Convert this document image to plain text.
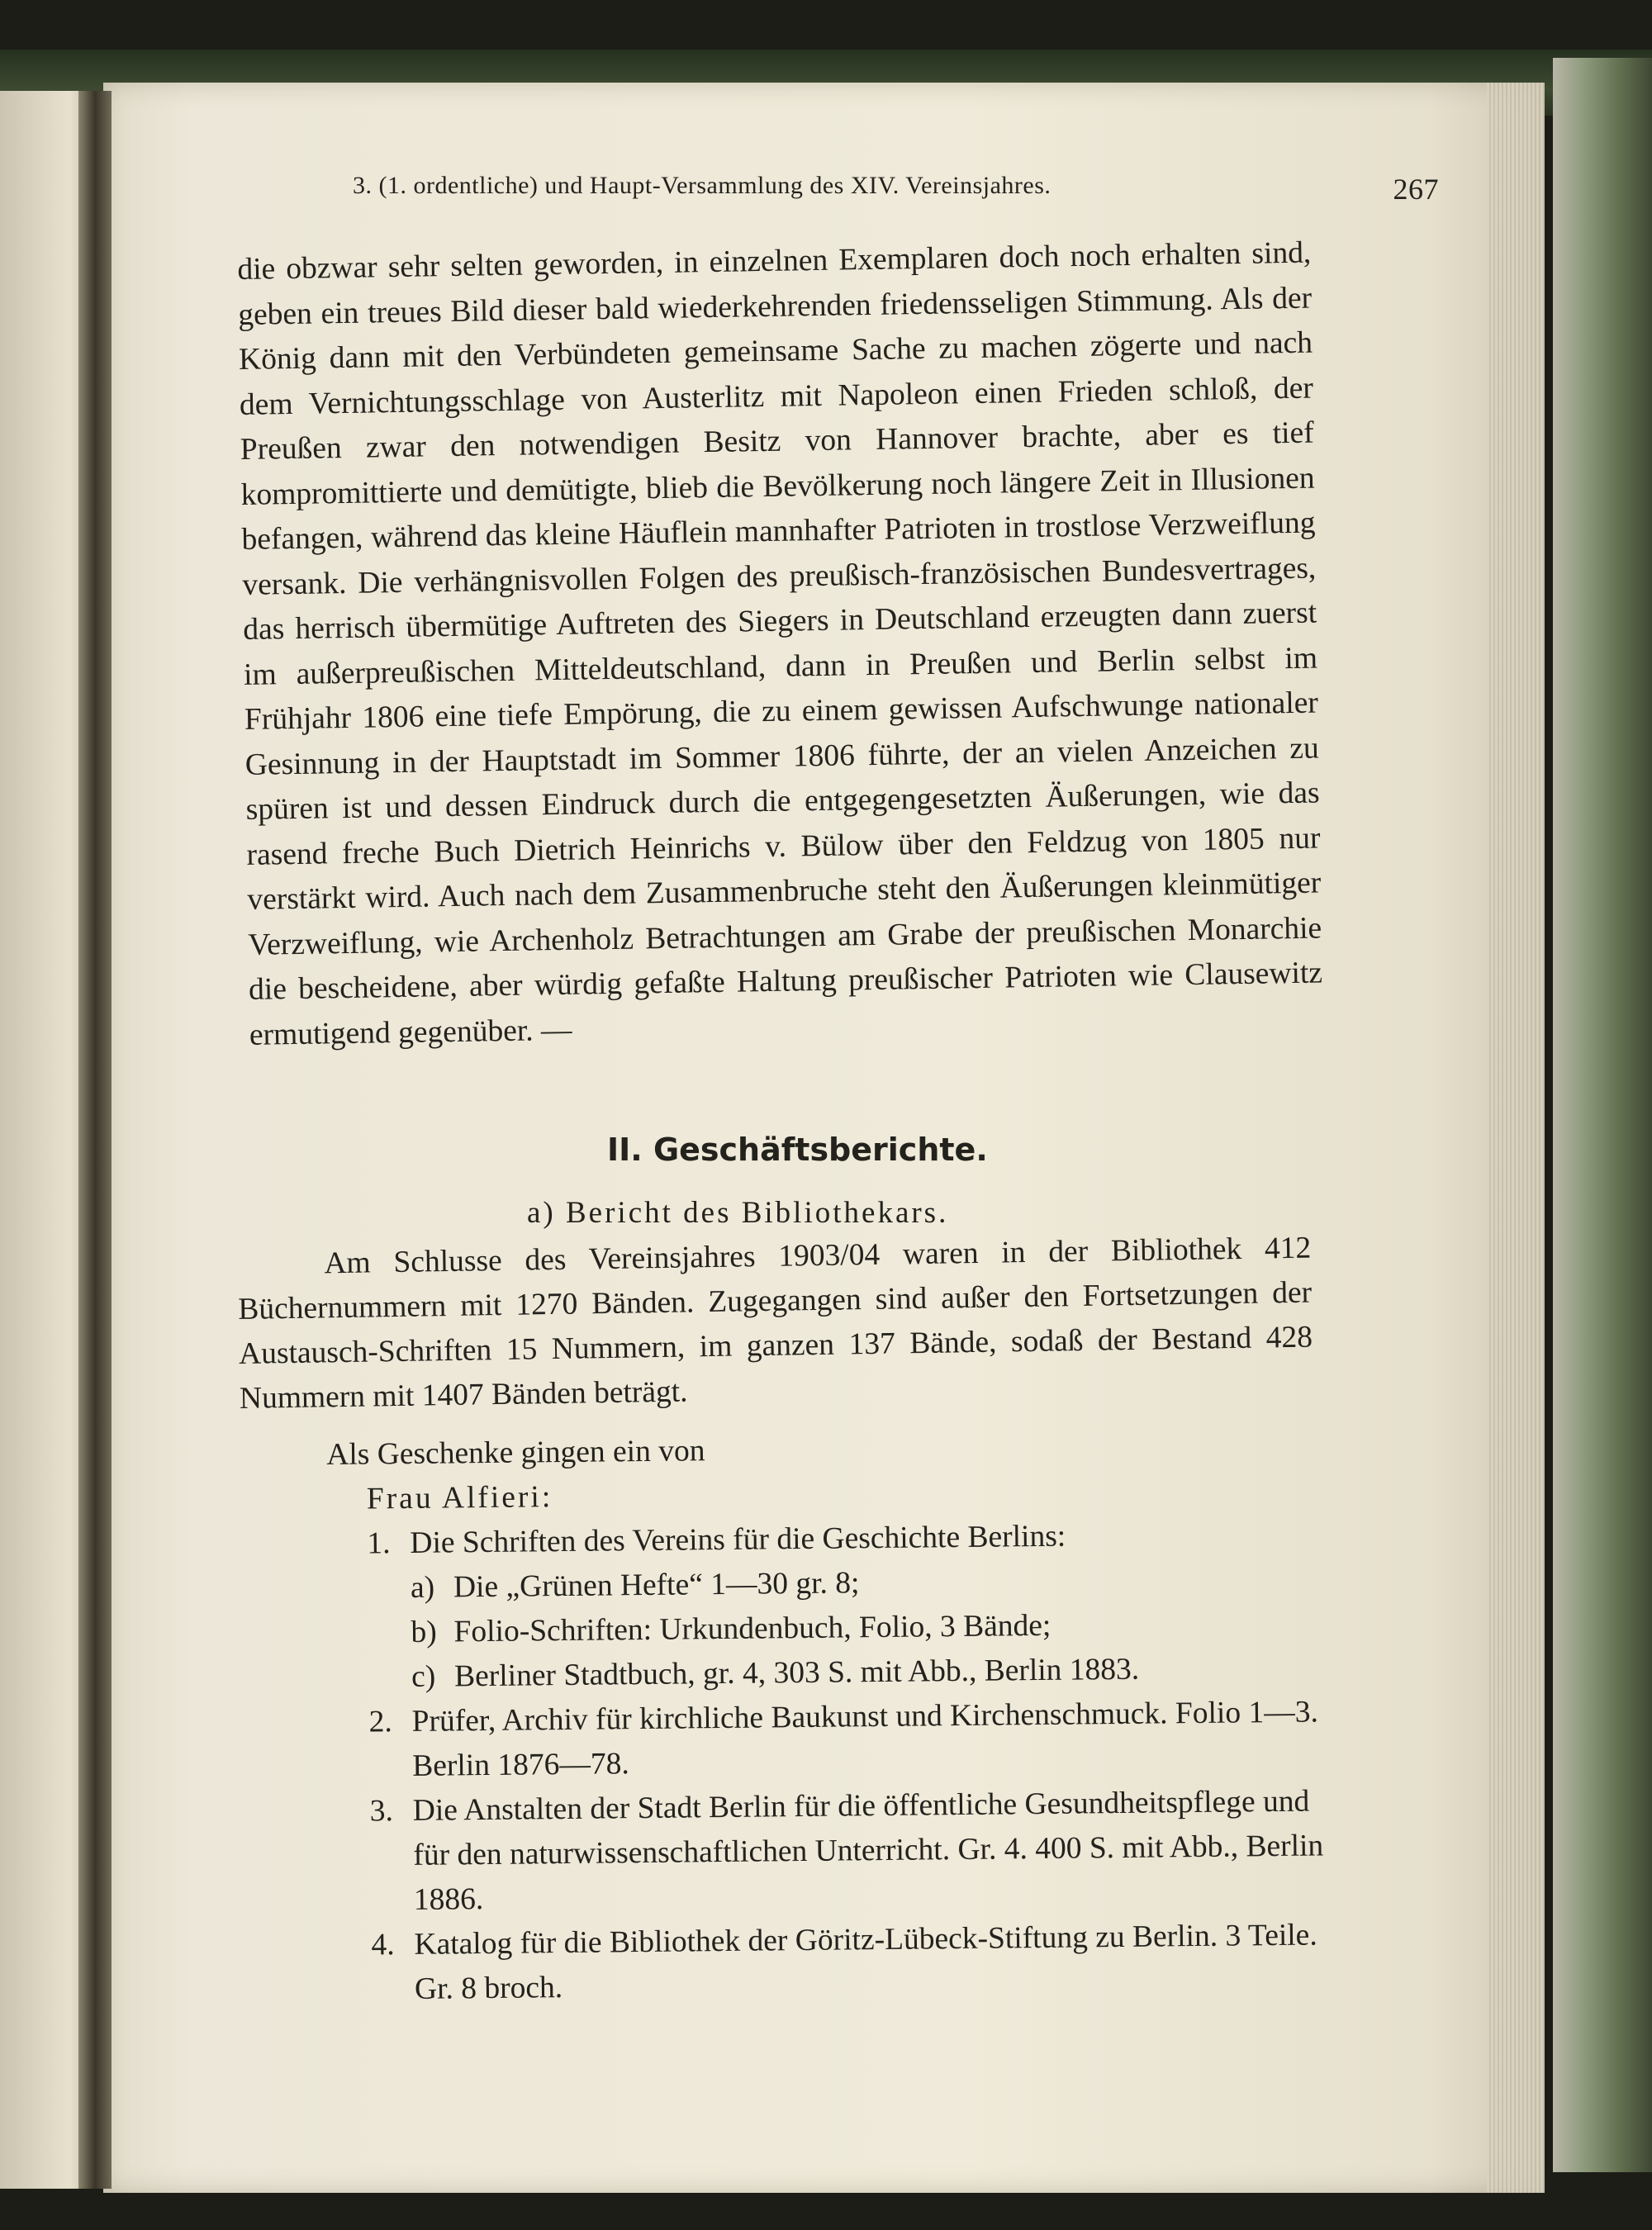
3. (1. ordentliche) und Haupt-Versammlung des XIV. Vereinsjahres.	267
die obzwar sehr selten geworden, in einzelnen Exemplaren doch noch erhalten sind, geben ein treues Bild dieser bald wiederkehrenden friedensseligen Stimmung. Als der König dann mit den Verbündeten gemeinsame Sache zu machen zögerte und nach dem Vernichtungsschlage von Austerlitz mit Napoleon einen Frieden schloß, der Preußen zwar den notwendigen Besitz von Hannover brachte, aber es tief kompromittierte und demütigte, blieb die Bevölkerung noch längere Zeit in Illusionen befangen, während das kleine Häuflein mannhafter Patrioten in trostlose Verzweiflung versank. Die verhängnisvollen Folgen des preußisch-französischen Bundesvertrages, das herrisch übermütige Auftreten des Siegers in Deutschland erzeugten dann zuerst im außerpreußischen Mitteldeutschland, dann in Preußen und Berlin selbst im Frühjahr 1806 eine tiefe Empörung, die zu einem gewissen Aufschwunge nationaler Gesinnung in der Hauptstadt im Sommer 1806 führte, der an vielen Anzeichen zu spüren ist und dessen Eindruck durch die entgegengesetzten Äußerungen, wie das rasend freche Buch Dietrich Heinrichs v. Bülow über den Feldzug von 1805 nur verstärkt wird. Auch nach dem Zusammenbruche steht den Äußerungen kleinmütiger Verzweiflung, wie Archenholz Betrachtungen am Grabe der preußischen Monarchie die bescheidene, aber würdig gefaßte Haltung preußischer Patrioten wie Clausewitz ermutigend gegenüber. —
II. Geschäftsberichte.
a) Bericht des Bibliothekars.
Am Schlusse des Vereinsjahres 1903/04 waren in der Bibliothek 412 Büchernummern mit 1270 Bänden. Zugegangen sind außer den Fortsetzungen der Austausch-Schriften 15 Nummern, im ganzen 137 Bände, sodaß der Bestand 428 Nummern mit 1407 Bänden beträgt.

Als Geschenke gingen ein von

Frau Alfieri:

1. Die Schriften des Vereins für die Geschichte Berlins:
a) Die „Grünen Hefte“ 1—30 gr. 8;
b) Folio-Schriften: Urkundenbuch, Folio, 3 Bände;
c) Berliner Stadtbuch, gr. 4, 303 S. mit Abb., Berlin 1883.
2. Prüfer, Archiv für kirchliche Baukunst und Kirchenschmuck. Folio 1—3. Berlin 1876—78.
3. Die Anstalten der Stadt Berlin für die öffentliche Gesundheitspflege und für den naturwissenschaftlichen Unterricht. Gr. 4. 400 S. mit Abb., Berlin 1886.
4. Katalog für die Bibliothek der Göritz-Lübeck-Stiftung zu Berlin. 3 Teile. Gr. 8 broch.
